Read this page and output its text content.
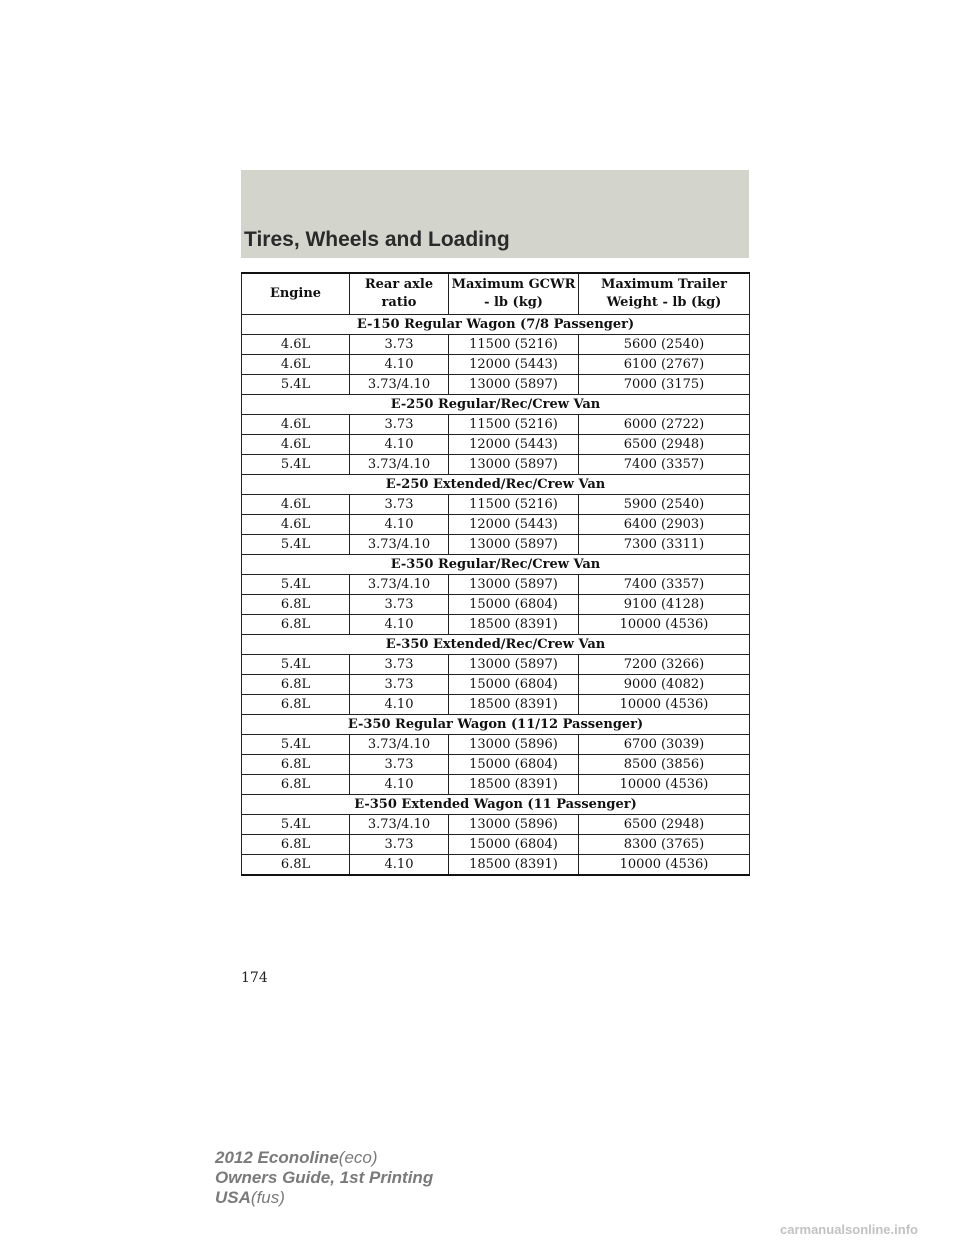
Tires, Wheels and Loading
Engine	Rear axle ratio	Maximum GCWR - lb (kg)	Maximum Trailer Weight - lb (kg)
E-150 Regular Wagon (7/8 Passenger)			
4.6L	3.73	11500 (5216)	5600 (2540)
4.6L	4.10	12000 (5443)	6100 (2767)
5.4L	3.73/4.10	13000 (5897)	7000 (3175)
E-250 Regular/Rec/Crew Van			
4.6L	3.73	11500 (5216)	6000 (2722)
4.6L	4.10	12000 (5443)	6500 (2948)
5.4L	3.73/4.10	13000 (5897)	7400 (3357)
E-250 Extended/Rec/Crew Van			
4.6L	3.73	11500 (5216)	5900 (2540)
4.6L	4.10	12000 (5443)	6400 (2903)
5.4L	3.73/4.10	13000 (5897)	7300 (3311)
E-350 Regular/Rec/Crew Van			
5.4L	3.73/4.10	13000 (5897)	7400 (3357)
6.8L	3.73	15000 (6804)	9100 (4128)
6.8L	4.10	18500 (8391)	10000 (4536)
E-350 Extended/Rec/Crew Van			
5.4L	3.73	13000 (5897)	7200 (3266)
6.8L	3.73	15000 (6804)	9000 (4082)
6.8L	4.10	18500 (8391)	10000 (4536)
E-350 Regular Wagon (11/12 Passenger)			
5.4L	3.73/4.10	13000 (5896)	6700 (3039)
6.8L	3.73	15000 (6804)	8500 (3856)
6.8L	4.10	18500 (8391)	10000 (4536)
E-350 Extended Wagon (11 Passenger)			
5.4L	3.73/4.10	13000 (5896)	6500 (2948)
6.8L	3.73	15000 (6804)	8300 (3765)
6.8L	4.10	18500 (8391)	10000 (4536)
174
2012 Econoline(eco)
Owners Guide, 1st Printing
USA(fus)
carmanualsonline.info
